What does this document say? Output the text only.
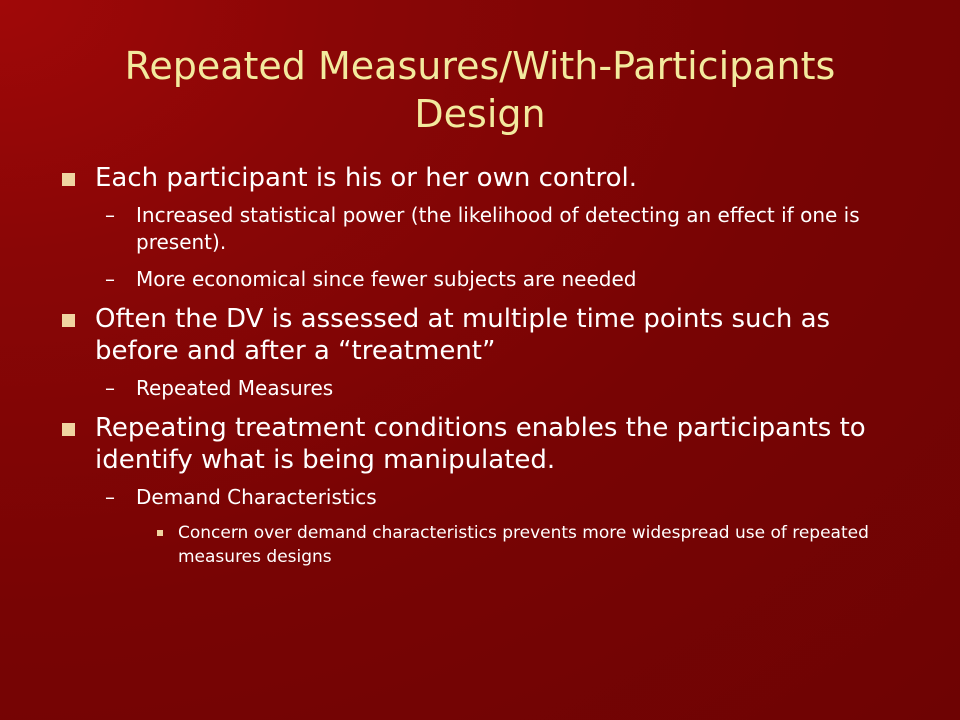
Repeated Measures/With-Participants Design
Each participant is his or her own control.
– Increased statistical power (the likelihood of detecting an effect if one is present).
– More economical since fewer subjects are needed
Often the DV is assessed at multiple time points such as before and after a “treatment”
– Repeated Measures
Repeating treatment conditions enables the participants to identify what is being manipulated.
– Demand Characteristics
Concern over demand characteristics prevents more widespread use of repeated measures designs
